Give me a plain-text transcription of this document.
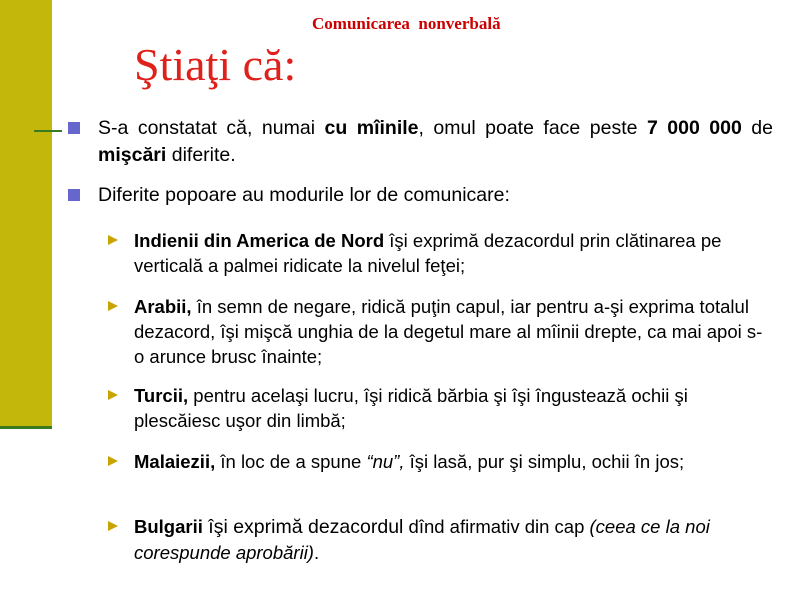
Comunicarea  nonverbală
Ştiaţi că:
S-a constatat că, numai cu mîinile, omul poate face peste 7 000 000 de mişcări diferite.
Diferite popoare au modurile lor de comunicare:
Indienii din America de Nord îşi exprimă dezacordul prin clătinarea pe verticală a palmei ridicate la nivelul feţei;
Arabii, în semn de negare, ridică puţin capul, iar pentru a-şi exprima totalul dezacord, îşi mişcă unghia de la degetul mare al mîinii drepte, ca mai apoi s-o arunce brusc înainte;
Turcii, pentru acelaşi lucru, îşi ridică bărbia şi îşi îngustează ochii şi plescăiesc uşor din limbă;
Malaiezii, în loc de a spune “nu”, îşi lasă, pur şi simplu, ochii în jos;
Bulgarii îşi exprimă dezacordul dînd afirmativ din cap (ceea ce la noi corespunde aprobării).
